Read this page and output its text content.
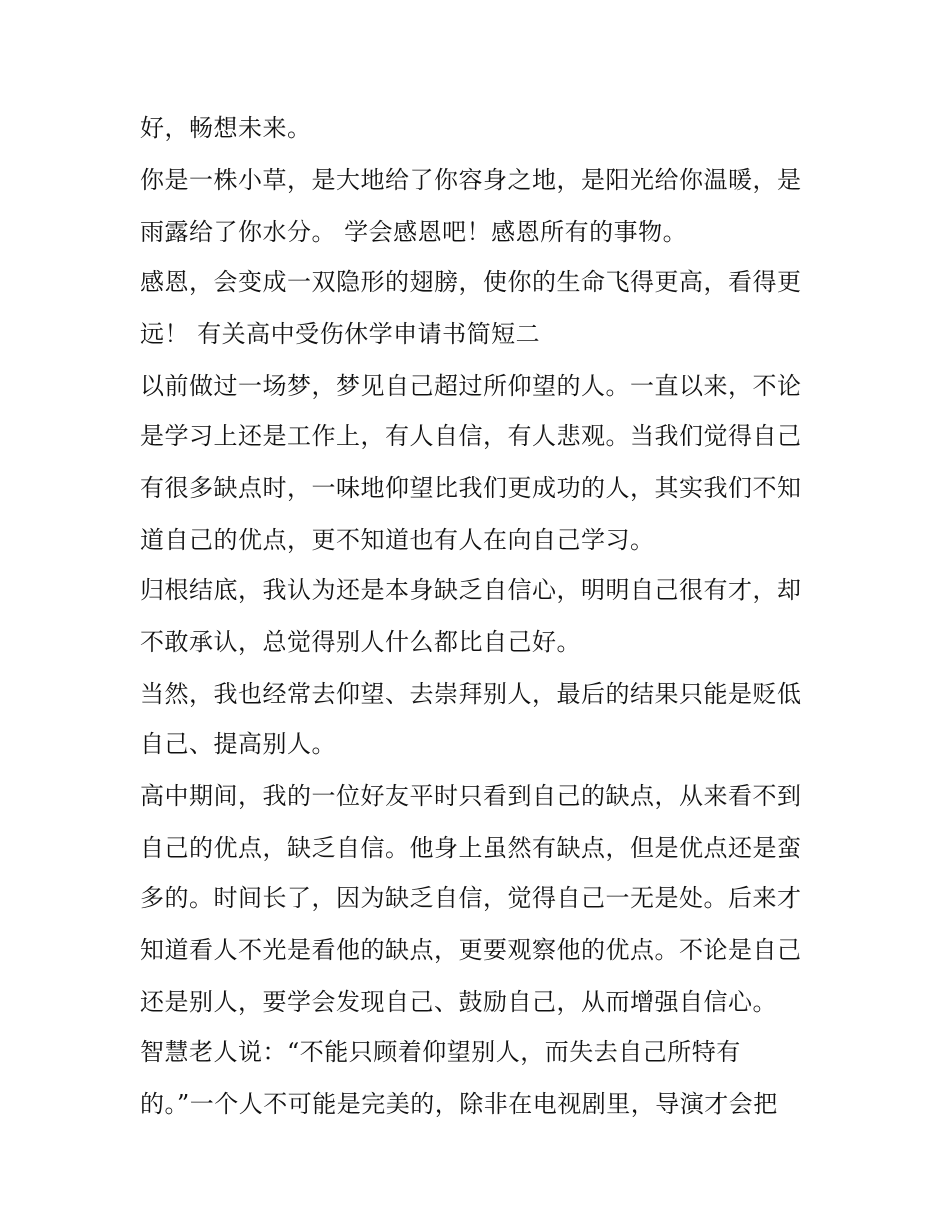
好，畅想未来。
你是一株小草，是大地给了你容身之地，是阳光给你温暖，是
雨露给了你水分。 学会感恩吧！感恩所有的事物。
感恩，会变成一双隐形的翅膀，使你的生命飞得更高，看得更
远！ 有关高中受伤休学申请书简短二
以前做过一场梦，梦见自己超过所仰望的人。一直以来，不论
是学习上还是工作上，有人自信，有人悲观。当我们觉得自己
有很多缺点时，一味地仰望比我们更成功的人，其实我们不知
道自己的优点，更不知道也有人在向自己学习。
归根结底，我认为还是本身缺乏自信心，明明自己很有才，却
不敢承认，总觉得别人什么都比自己好。
当然，我也经常去仰望、去崇拜别人，最后的结果只能是贬低
自己、提高别人。
高中期间，我的一位好友平时只看到自己的缺点，从来看不到
自己的优点，缺乏自信。他身上虽然有缺点，但是优点还是蛮
多的。时间长了，因为缺乏自信，觉得自己一无是处。后来才
知道看人不光是看他的缺点，更要观察他的优点。不论是自己
还是别人，要学会发现自己、鼓励自己，从而增强自信心。
智慧老人说：“不能只顾着仰望别人，而失去自己所特有
的。”一个人不可能是完美的，除非在电视剧里，导演才会把
